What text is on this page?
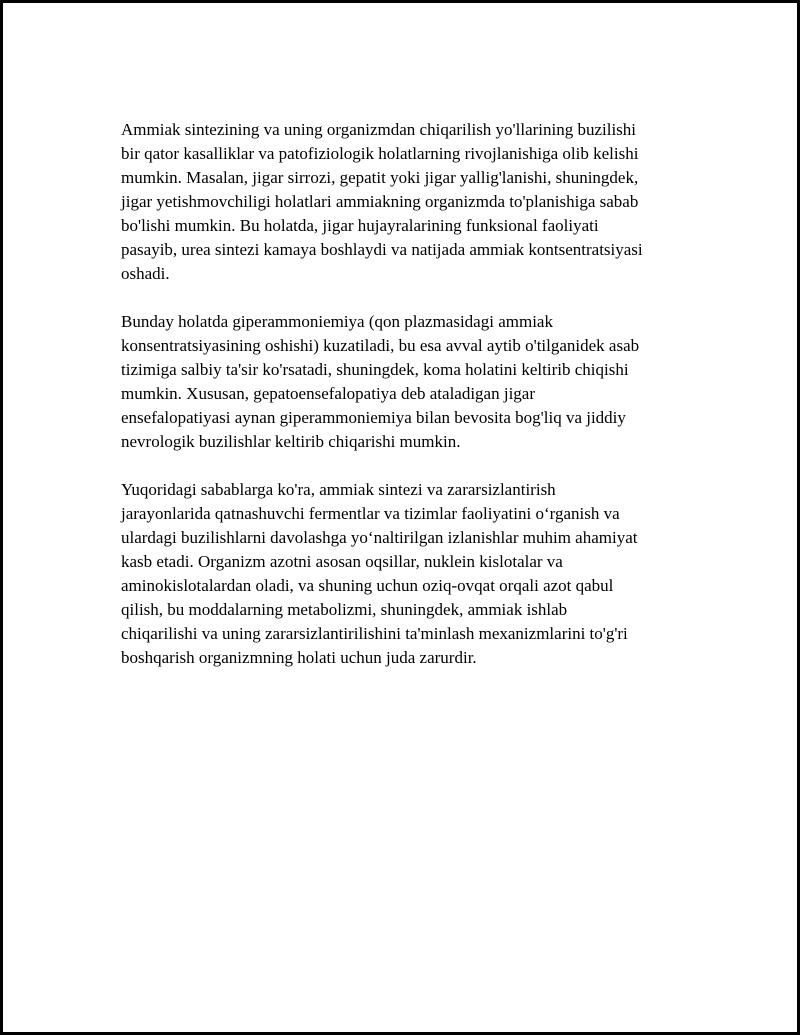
Ammiak sintezining va uning organizmdan chiqarilish yo'llarining buzilishi
bir qator kasalliklar va patofiziologik holatlarning rivojlanishiga olib kelishi
mumkin. Masalan, jigar sirrozi, gepatit yoki jigar yallig'lanishi, shuningdek,
jigar yetishmovchiligi holatlari ammiakning organizmda to'planishiga sabab
bo'lishi mumkin. Bu holatda, jigar hujayralarining funksional faoliyati
pasayib, urea sintezi kamaya boshlaydi va natijada ammiak kontsentratsiyasi
oshadi.

Bunday holatda giperammoniemiya (qon plazmasidagi ammiak
konsentratsiyasining oshishi) kuzatiladi, bu esa avval aytib o'tilganidek asab
tizimiga salbiy ta'sir ko'rsatadi, shuningdek, koma holatini keltirib chiqishi
mumkin. Xususan, gepatoensefalopatiya deb ataladigan jigar
ensefalopatiyasi aynan giperammoniemiya bilan bevosita bog'liq va jiddiy
nevrologik buzilishlar keltirib chiqarishi mumkin.

Yuqoridagi sabablarga ko'ra, ammiak sintezi va zararsizlantirish
jarayonlarida qatnashuvchi fermentlar va tizimlar faoliyatini o‘rganish va
ulardagi buzilishlarni davolashga yo‘naltirilgan izlanishlar muhim ahamiyat
kasb etadi. Organizm azotni asosan oqsillar, nuklein kislotalar va
aminokislotalardan oladi, va shuning uchun oziq-ovqat orqali azot qabul
qilish, bu moddalarning metabolizmi, shuningdek, ammiak ishlab
chiqarilishi va uning zararsizlantirilishini ta'minlash mexanizmlarini to'g'ri
boshqarish organizmning holati uchun juda zarurdir.
